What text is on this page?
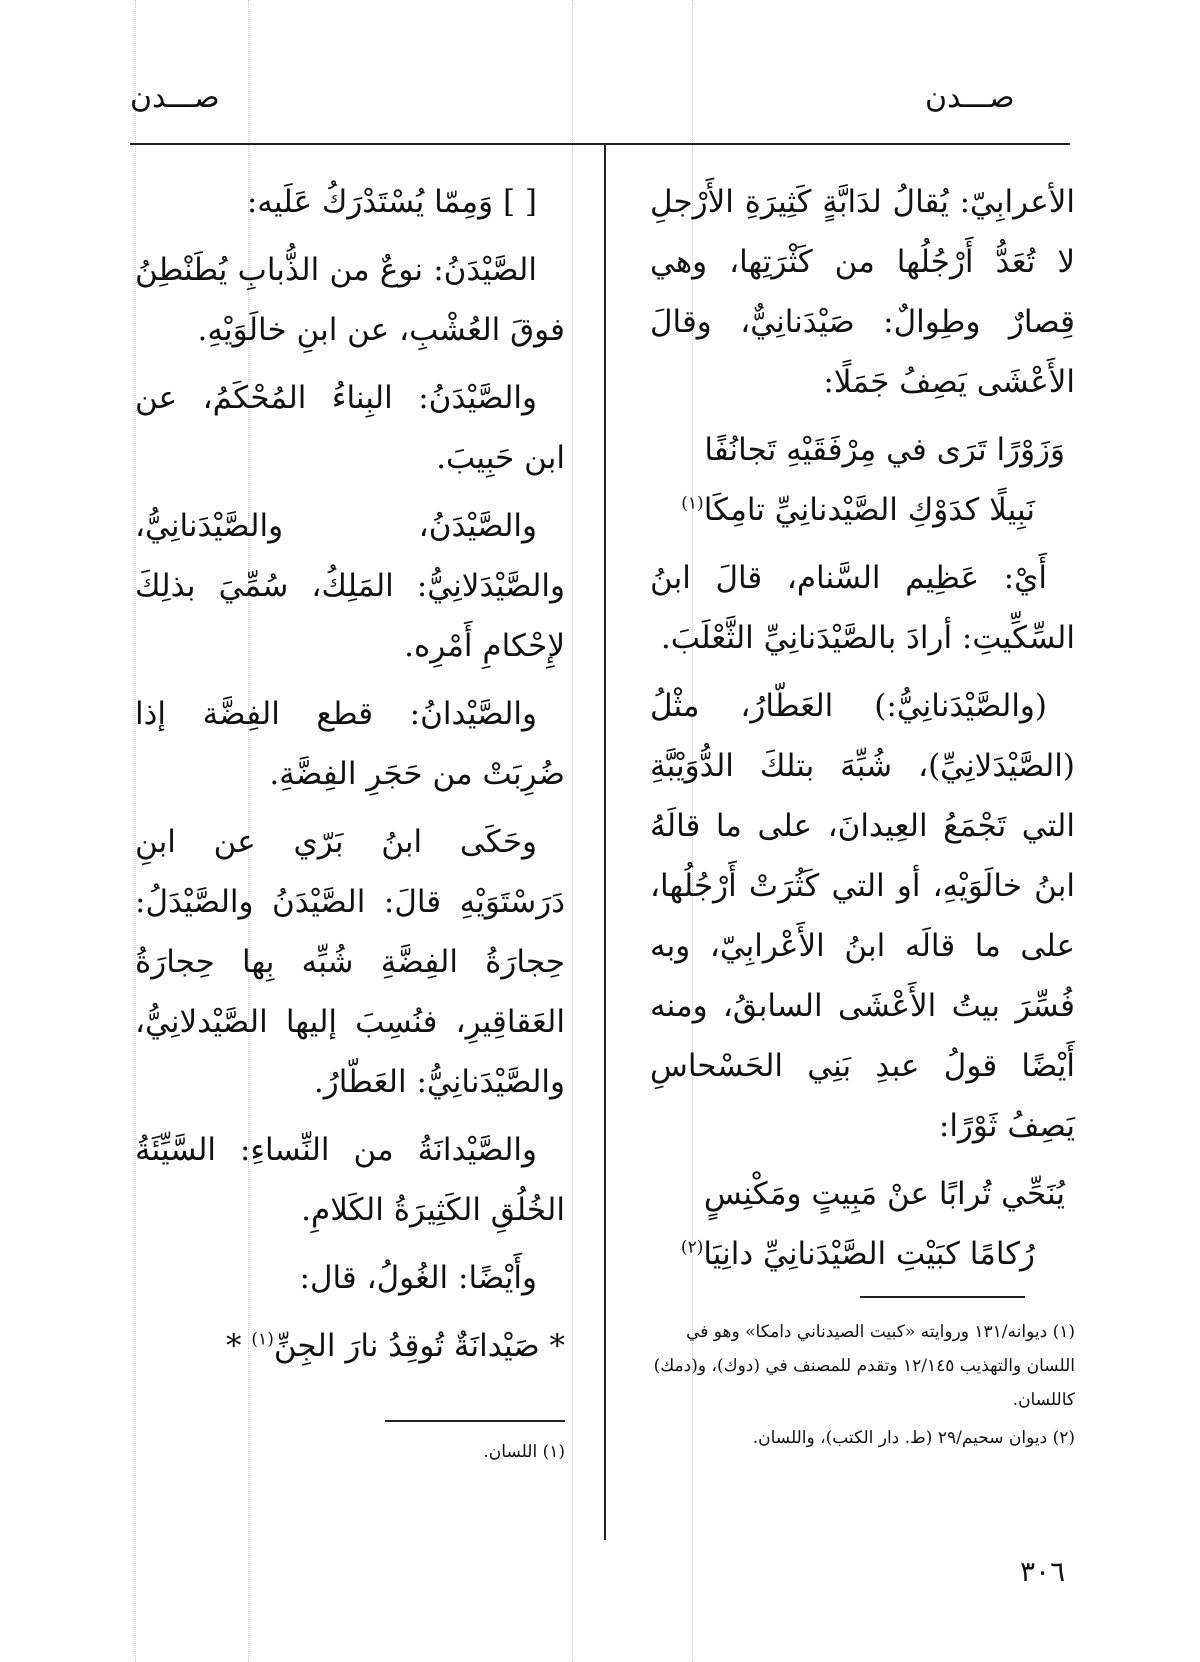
صـــدن
صـــدن

الأعرابِيّ: يُقالُ لدَابَّةٍ كَثِيرَةِ الأَرْجلِ لا تُعَدُّ أَرْجُلُها من كَثْرَتِها، وهي قِصارٌ وطِوالٌ: صَيْدَنانِيٌّ، وقالَ الأَعْشَى يَصِفُ جَمَلًا:

وَزَوْرًا تَرَى في مِرْفَقَيْهِ تَجانُفًا
نَبِيلًا كدَوْكِ الصَّيْدنانِيِّ تامِكَا$^{(١)}$

أَيْ: عَظِيم السَّنام، قالَ ابنُ السِّكِّيتِ: أرادَ بالصَّيْدَنانِيِّ الثَّعْلَبَ.

(والصَّيْدَنانِيُّ:) العَطّارُ، مثْلُ (الصَّيْدَلانِيِّ)، شُبِّهَ بتلكَ الدُّوَيْبَّةِ التي تَجْمَعُ العِيدانَ، على ما قالَهُ ابنُ خالَوَيْهِ، أو التي كَثُرَتْ أَرْجُلُها، على ما قالَه ابنُ الأَعْرابِيّ، وبه فُسِّرَ بيتُ الأَعْشَى السابقُ، ومنه أَيْضًا قولُ عبدِ بَنِي الحَسْحاسِ يَصِفُ ثَوْرًا:

يُنَحِّي تُرابًا عنْ مَبِيتٍ ومَكْنِسٍ
رُكامًا كبَيْتِ الصَّيْدَنانِيِّ دانِيَا$^{(٢)}$

[ ] وَمِمّا يُسْتَدْرَكُ عَلَيه:

الصَّيْدَنُ: نوعٌ من الذُّبابِ يُطَنْطِنُ فوقَ العُشْبِ، عن ابنِ خالَوَيْهِ.

والصَّيْدَنُ: البِناءُ المُحْكَمُ، عن ابن حَبِيبَ.

والصَّيْدَنُ، والصَّيْدَنانِيُّ، والصَّيْدَلانِيُّ: المَلِكُ، سُمِّيَ بذلِكَ لإِحْكامِ أَمْرِه.

والصَّيْدانُ: قطع الفِضَّة إذا ضُرِبَتْ من حَجَرِ الفِضَّةِ.

وحَكَى ابنُ بَرّي عن ابنِ دَرَسْتَوَيْهِ قالَ: الصَّيْدَنُ والصَّيْدَلُ: حِجارَةُ الفِضَّةِ شُبِّه بِها حِجارَةُ العَقاقِيرِ، فنُسِبَ إليها الصَّيْدلانِيُّ، والصَّيْدَنانِيُّ: العَطّارُ.

والصَّيْدانَةُ من النِّساءِ: السَّيِّئَةُ الخُلُقِ الكَثِيرَةُ الكَلامِ.

وأَيْضًا: الغُولُ، قال:

* صَيْدانَةٌ تُوقِدُ نارَ الجِنِّ$^{(١)}$ *	(١) ديوانه/١٣١ وروايته «كبيت الصيدناني دامكا» وهو في اللسان والتهذيب ١٢/١٤٥ وتقدم للمصنف في (دوك)، و(دمك) كاللسان.

(٢) ديوان سحيم/٢٩ (ط. دار الكتب)، واللسان.

(١) اللسان.

٣٠٦
